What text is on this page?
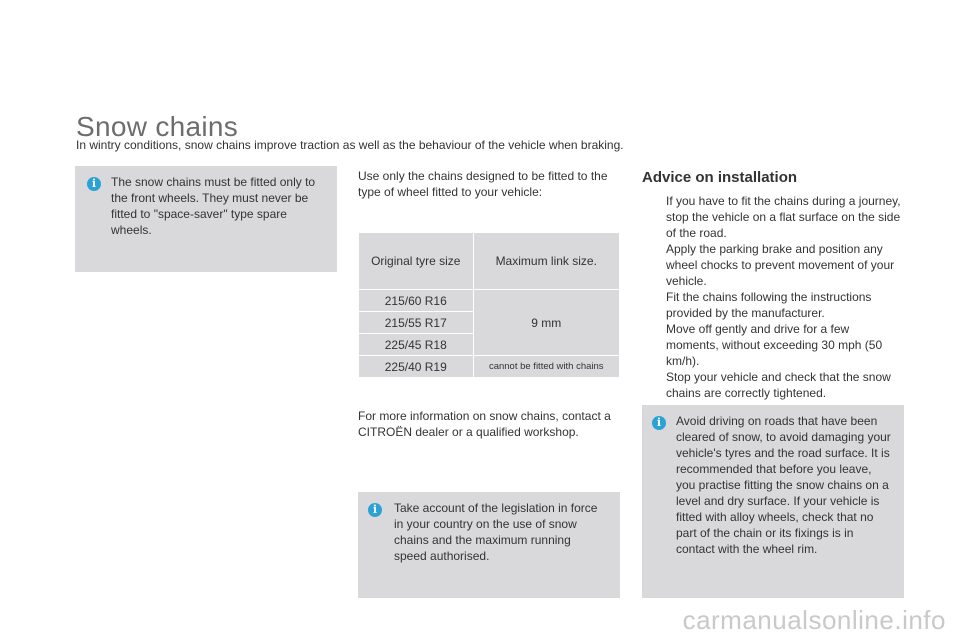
Snow chains
In wintry conditions, snow chains improve traction as well as the behaviour of the vehicle when braking.
i	The snow chains must be fitted only to the front wheels. They must never be fitted to "space-saver" type spare wheels.
Use only the chains designed to be fitted to the type of wheel fitted to your vehicle:
Original tyre size	Maximum link size.
215/60 R16	9 mm
215/55 R17	
225/45 R18	
225/40 R19	cannot be fitted with chains
For more information on snow chains, contact a CITROËN dealer or a qualified workshop.
i	Take account of the legislation in force in your country on the use of snow chains and the maximum running speed authorised.
Advice on installation
If you have to fit the chains during a journey, stop the vehicle on a flat surface on the side of the road.
Apply the parking brake and position any wheel chocks to prevent movement of your vehicle.
Fit the chains following the instructions provided by the manufacturer.
Move off gently and drive for a few moments, without exceeding 30 mph (50 km/h).
Stop your vehicle and check that the snow chains are correctly tightened.
i	Avoid driving on roads that have been cleared of snow, to avoid damaging your vehicle's tyres and the road surface. It is recommended that before you leave, you practise fitting the snow chains on a level and dry surface. If your vehicle is fitted with alloy wheels, check that no part of the chain or its fixings is in contact with the wheel rim.
carmanualsonline.info
